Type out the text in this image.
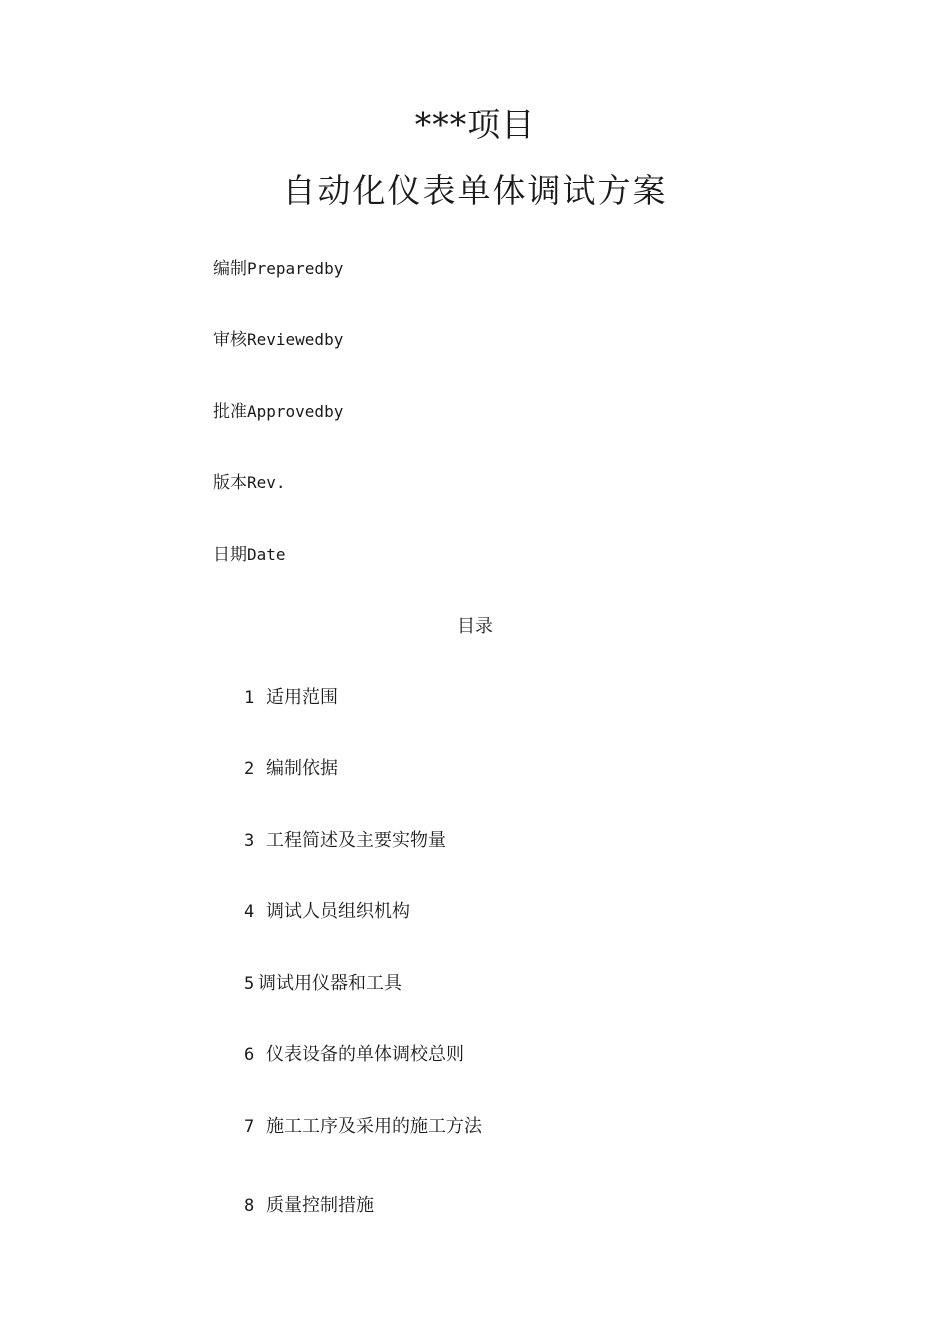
***项目
自动化仪表单体调试方案
编制Preparedby
审核Reviewedby
批准Approvedby
版本Rev.
日期Date
目录
1 适用范围
2 编制依据
3 工程简述及主要实物量
4 调试人员组织机构
5 调试用仪器和工具
6 仪表设备的单体调校总则
7 施工工序及采用的施工方法
8 质量控制措施
